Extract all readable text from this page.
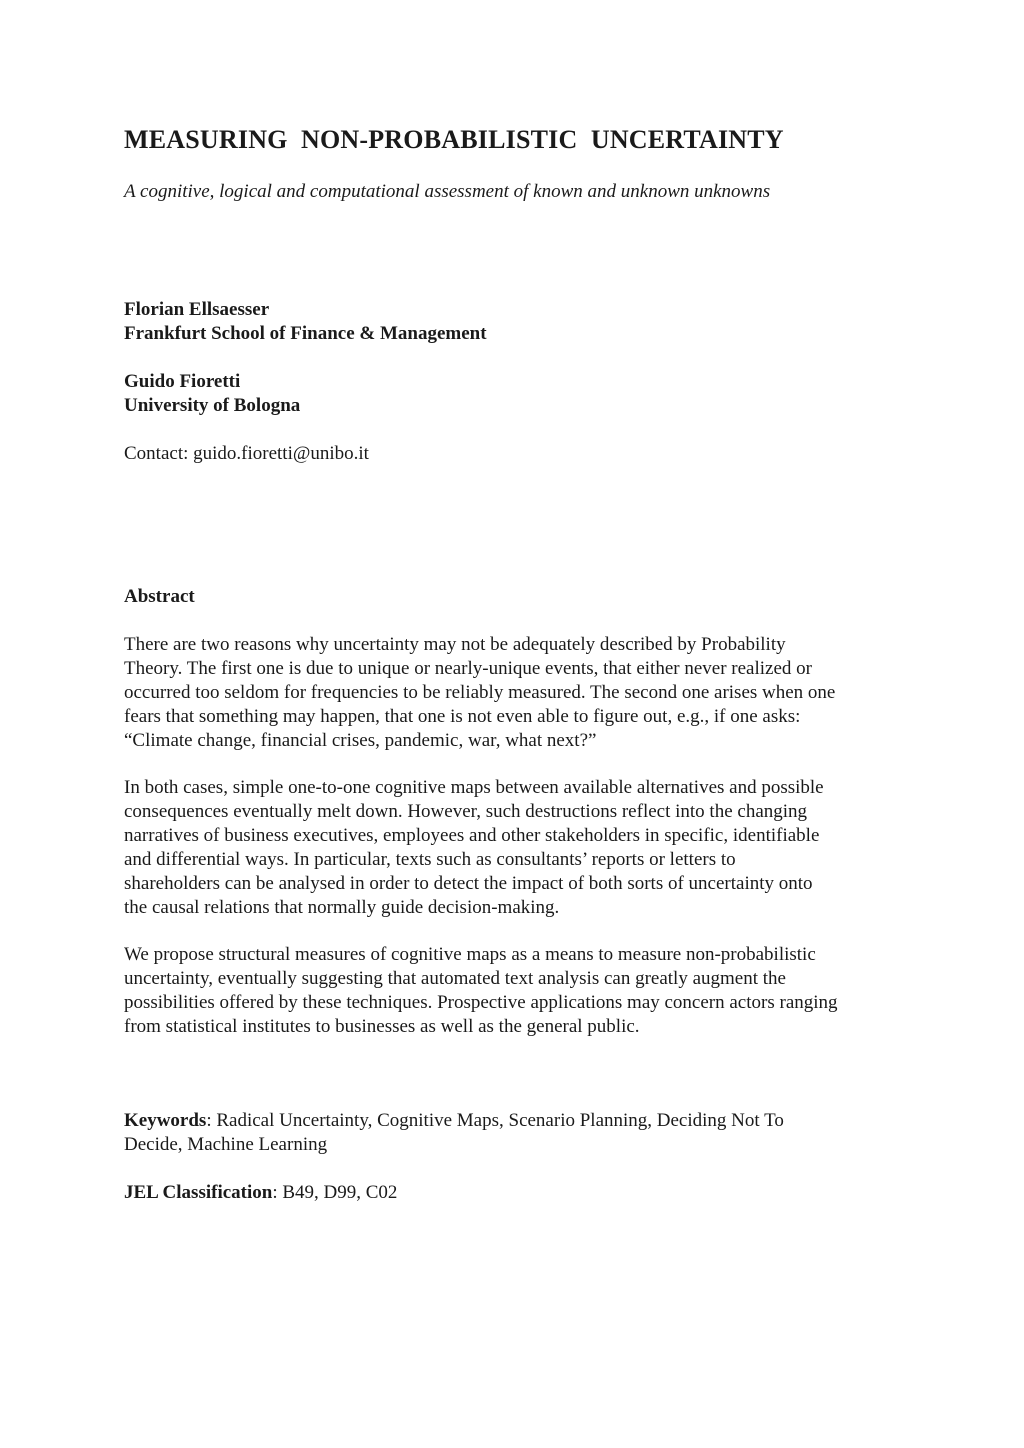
MEASURING  NON-PROBABILISTIC  UNCERTAINTY

A cognitive, logical and computational assessment of known and unknown unknowns

Florian Ellsaesser
Frankfurt School of Finance & Management
Guido Fioretti
University of Bologna
Contact: guido.fioretti@unibo.it
Abstract

There are two reasons why uncertainty may not be adequately described by Probability
Theory. The first one is due to unique or nearly-unique events, that either never realized or
occurred too seldom for frequencies to be reliably measured. The second one arises when one
fears that something may happen, that one is not even able to figure out, e.g., if one asks:
“Climate change, financial crises, pandemic, war, what next?”

In both cases, simple one-to-one cognitive maps between available alternatives and possible
consequences eventually melt down. However, such destructions reflect into the changing
narratives of business executives, employees and other stakeholders in specific, identifiable
and differential ways. In particular, texts such as consultants’ reports or letters to
shareholders can be analysed in order to detect the impact of both sorts of uncertainty onto
the causal relations that normally guide decision-making.

We propose structural measures of cognitive maps as a means to measure non-probabilistic
uncertainty, eventually suggesting that automated text analysis can greatly augment the
possibilities offered by these techniques. Prospective applications may concern actors ranging
from statistical institutes to businesses as well as the general public.

Keywords: Radical Uncertainty, Cognitive Maps, Scenario Planning, Deciding Not To
Decide, Machine Learning
JEL Classification: B49, D99, C02
